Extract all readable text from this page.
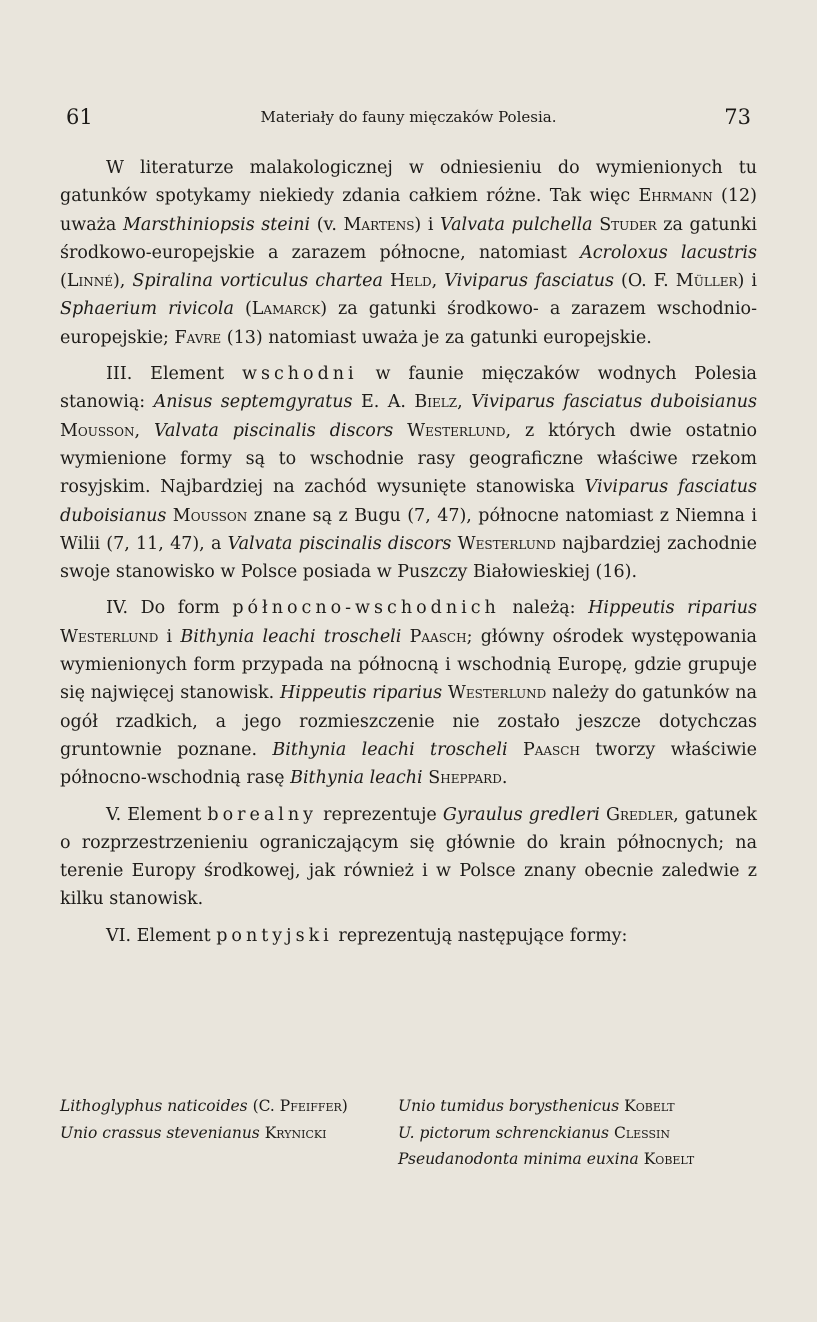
61	Materiały do fauny mięczaków Polesia.	73

W literaturze malakologicznej w odniesieniu do wymienionych tu gatunków spotykamy niekiedy zdania całkiem różne. Tak więc Ehrmann (12) uważa Marsthiniopsis steini (v. Martens) i Valvata pulchella Studer za gatunki środkowo-europejskie a zarazem północne, natomiast Acroloxus lacustris (Linné), Spiralina vorticulus chartea Held, Viviparus fasciatus (O. F. Müller) i Sphaerium rivicola (Lamarck) za gatunki środkowo- a zarazem wschodnio-europejskie; Favre (13) natomiast uważa je za gatunki europejskie.

III. Element wschodni w faunie mięczaków wodnych Polesia stanowią: Anisus septemgyratus E. A. Bielz, Viviparus fasciatus duboisianus Mousson, Valvata piscinalis discors Westerlund, z których dwie ostatnio wymienione formy są to wschodnie rasy geograficzne właściwe rzekom rosyjskim. Najbardziej na zachód wysunięte stanowiska Viviparus fasciatus duboisianus Mousson znane są z Bugu (7, 47), północne natomiast z Niemna i Wilii (7, 11, 47), a Valvata piscinalis discors Westerlund najbardziej zachodnie swoje stanowisko w Polsce posiada w Puszczy Białowieskiej (16).

IV. Do form północno-wschodnich należą: Hippeutis riparius Westerlund i Bithynia leachi troscheli Paasch; główny ośrodek występowania wymienionych form przypada na północną i wschodnią Europę, gdzie grupuje się najwięcej stanowisk. Hippeutis riparius Westerlund należy do gatunków na ogół rzadkich, a jego rozmieszczenie nie zostało jeszcze dotychczas gruntownie poznane. Bithynia leachi troscheli Paasch tworzy właściwie północno-wschodnią rasę Bithynia leachi Sheppard.

V. Element borealny reprezentuje Gyraulus gredleri Gredler, gatunek o rozprzestrzenieniu ograniczającym się głównie do krain północnych; na terenie Europy środkowej, jak również i w Polsce znany obecnie zaledwie z kilku stanowisk.

VI. Element pontyjski reprezentują następujące formy:

Lithoglyphus naticoides (C. Pfeiffer)

Unio crassus stevenianus Krynicki

Unio tumidus borysthenicus Kobelt

U. pictorum schrenckianus Clessin

Pseudanodonta minima euxina Kobelt
